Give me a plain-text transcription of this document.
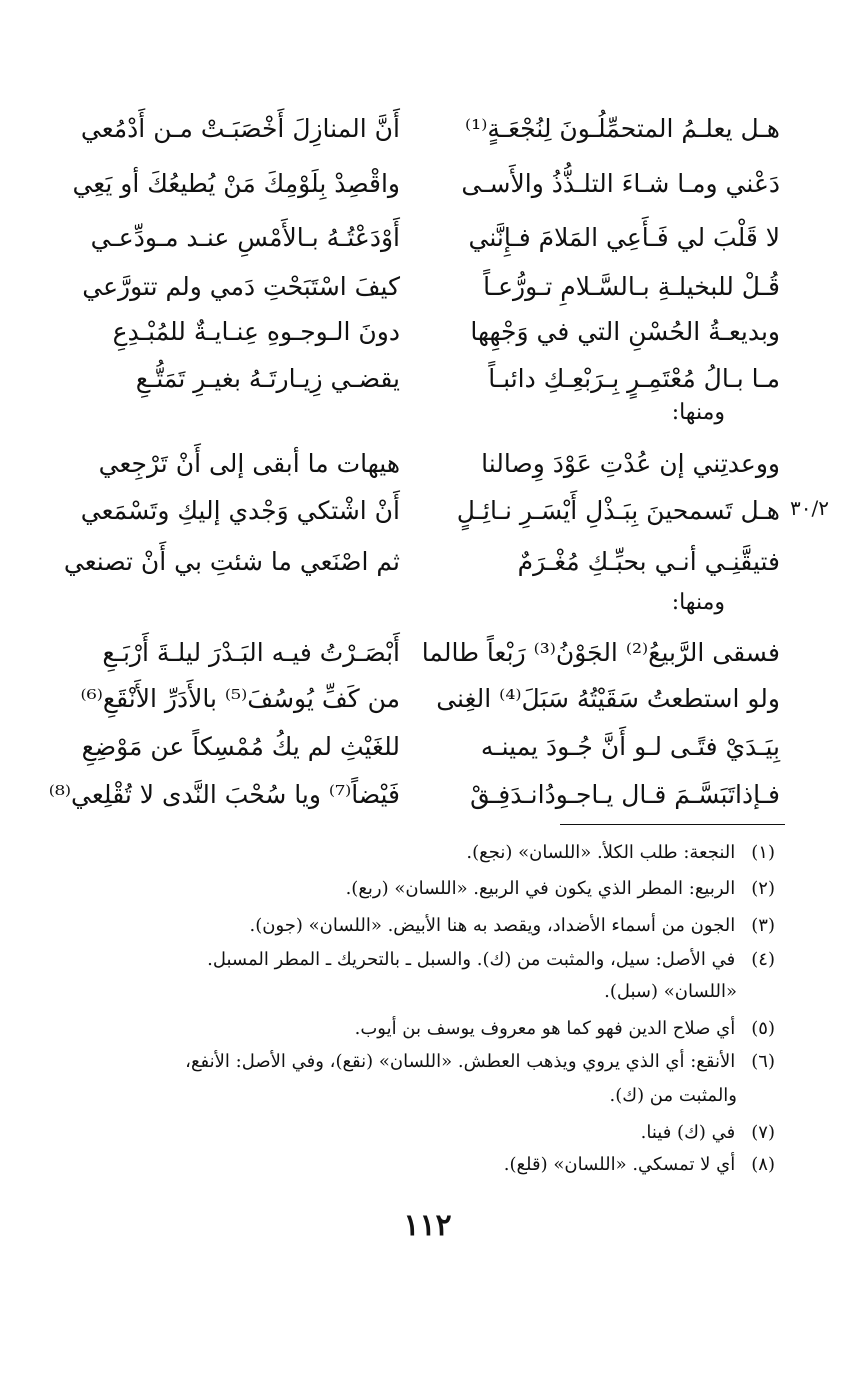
هـل يعلـمُ المتحمِّلُـونَ لِنُجْعَـةٍ⁽¹⁾
أَنَّ المنازِلَ أَخْصَبَـتْ مـن أَدْمُعي
دَعْني ومـا شـاءَ التلـذُّذُ والأَسـى
واقْصِدْ بِلَوْمِكَ مَنْ يُطيعُكَ أو يَعِي
لا قَلْبَ لي فَـأَعِي المَلامَ فـإِنَّني
أَوْدَعْتُـهُ بـالأَمْسِ عنـد مـودِّعـي
قُـلْ للبخيلـةِ بـالسَّـلامِ تـورُّعـاً
كيفَ اسْتَبَحْتِ دَمي ولم تتورَّعي
وبديعـةُ الحُسْنِ التي في وَجْهِها
دونَ الـوجـوهِ عِنـايـةٌ للمُبْـدِعِ
مـا بـالُ مُعْتَمِـرٍ بِـرَبْعِـكِ دائبـاً
يقضـي زِيـارتَـهُ بغيـرِ تَمَتُّـعِ
ومنها:
ووعدتِني إن عُدْتِ عَوْدَ وِصالنا
هيهات ما أبقى إلى أَنْ تَرْجِعي
هـل تَسمحينَ بِبَـذْلِ أَيْسَـرِ نـائِـلٍ
أَنْ اشْتكي وَجْدي إليكِ وتَسْمَعي
فتيقَّنِـي أنـي بحبِّـكِ مُغْـرَمٌ
ثم اصْنَعي ما شئتِ بي أَنْ تصنعي
٣٠/٢
ومنها:
فسقى الرَّبيعُ⁽²⁾ الجَوْنُ⁽³⁾ رَبْعاً طالما
أَبْصَـرْتُ فيـه البَـدْرَ ليلـةَ أَرْبَـعِ
ولو استطعتُ سَقَيْتُهُ سَبَلَ⁽⁴⁾ الغِنى
من كَفِّ يُوسُفَ⁽⁵⁾ بالأَدَرِّ الأَنْقَعِ⁽⁶⁾
بِيَـدَيْ فتًـى لـو أَنَّ جُـودَ يمينـه
للغَيْثِ لم يكُ مُمْسِكاً عن مَوْضِعِ
فـإذاتَبَسَّـمَ قـال يـاجـودُانـدَفِـقْ
فَيْضاً⁽⁷⁾ ويا سُحْبَ النَّدى لا تُقْلِعي⁽⁸⁾
(١) النجعة: طلب الكلأ. «اللسان» (نجع).
(٢) الربيع: المطر الذي يكون في الربيع. «اللسان» (ربع).
(٣) الجون من أسماء الأضداد، ويقصد به هنا الأبيض. «اللسان» (جون).
(٤) في الأصل: سيل، والمثبت من (ك). والسبل ـ بالتحريك ـ المطر المسبل.
«اللسان» (سبل).
(٥) أي صلاح الدين فهو كما هو معروف يوسف بن أيوب.
(٦) الأنقع: أي الذي يروي ويذهب العطش. «اللسان» (نقع)، وفي الأصل: الأنفع،
والمثبت من (ك).
(٧) في (ك) فينا.
(٨) أي لا تمسكي. «اللسان» (قلع).
١١٢
